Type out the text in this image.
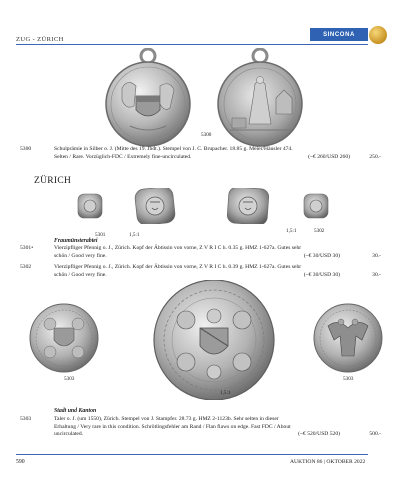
ZUG - ZÜRICH
SINCONA
5300
5300	Schulprämie in Silber o. J. (Mitte des 19. Jhdt.). Stempel von J. C. Brupacher. 18.85 g. Meier/Häusler 474.
Selten / Rare. Vorzüglich-FDC / Extremely fine-uncirculated.	(~€ 260/USD 260)	250.-
ZÜRICH
5301	1,5:1
1,5:1	5302
Fraumünsterabtei
5301•	Vierzipfliger Pfennig o. J., Zürich. Kopf der Äbtissin von vorne, Z V R I C h. 0.35 g. HMZ 1-627a. Gutes sehr
schön / Good very fine.	(~€ 30/USD 30)	30.-
5302	Vierzipfliger Pfennig o. J., Zürich. Kopf der Äbtissin von vorne, Z V R I C h. 0.39 g. HMZ 1-627a. Gutes sehr
schön / Good very fine.	(~€ 30/USD 30)	30.-
5303
1,5:1
5303
Stadt und Kanton
5303	Taler o. J. (um 1550), Zürich. Stempel von J. Stampfer. 28.73 g. HMZ 2-1123b. Sehr selten in dieser
Erhaltung / Very rare in this condition. Schrötlingsfehler am Rand / Flan flaws on edge. Fast FDC / About
uncirculated.	(~€ 520/USD 520)	500.-
590	AUKTION 86 | OKTOBER 2022
